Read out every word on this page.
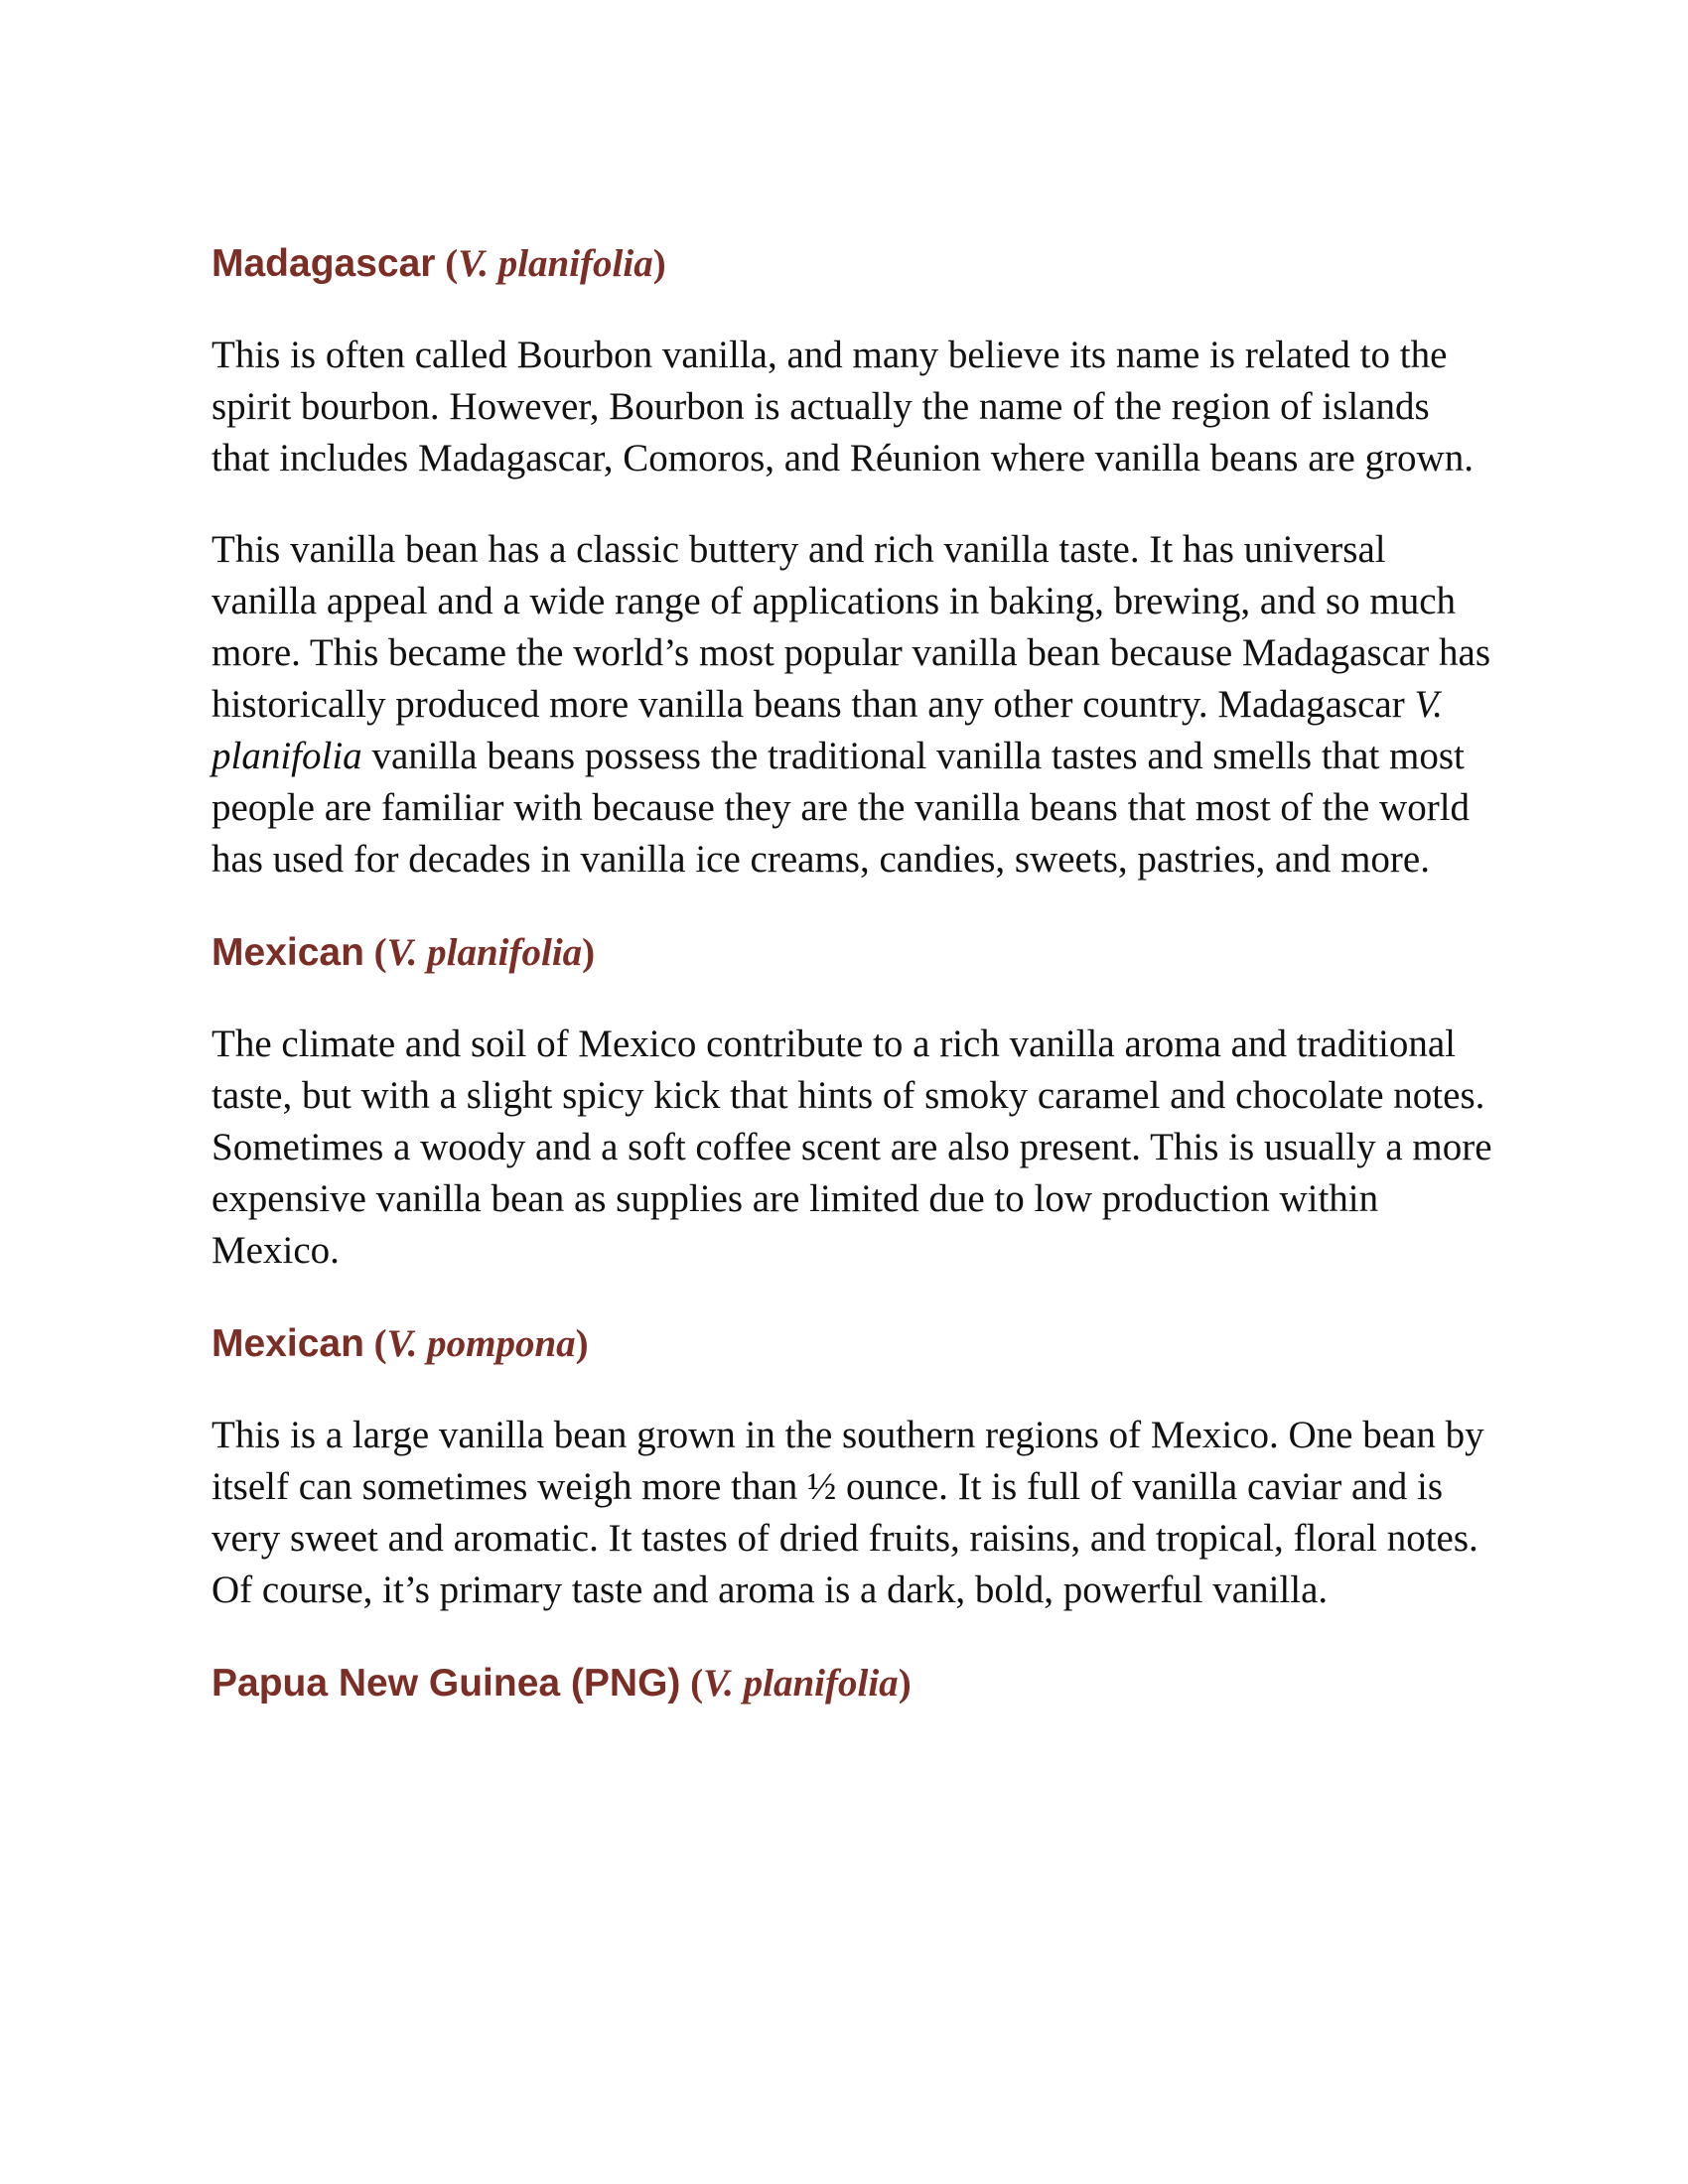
Madagascar (V. planifolia)

This is often called Bourbon vanilla, and many believe its name is related to the spirit bourbon. However, Bourbon is actually the name of the region of islands that includes Madagascar, Comoros, and Réunion where vanilla beans are grown.

This vanilla bean has a classic buttery and rich vanilla taste. It has universal vanilla appeal and a wide range of applications in baking, brewing, and so much more. This became the world’s most popular vanilla bean because Madagascar has historically produced more vanilla beans than any other country. Madagascar V. planifolia vanilla beans possess the traditional vanilla tastes and smells that most people are familiar with because they are the vanilla beans that most of the world has used for decades in vanilla ice creams, candies, sweets, pastries, and more.

Mexican (V. planifolia)

The climate and soil of Mexico contribute to a rich vanilla aroma and traditional taste, but with a slight spicy kick that hints of smoky caramel and chocolate notes. Sometimes a woody and a soft coffee scent are also present. This is usually a more expensive vanilla bean as supplies are limited due to low production within Mexico.

Mexican (V. pompona)

This is a large vanilla bean grown in the southern regions of Mexico. One bean by itself can sometimes weigh more than ½ ounce. It is full of vanilla caviar and is very sweet and aromatic. It tastes of dried fruits, raisins, and tropical, floral notes. Of course, it’s primary taste and aroma is a dark, bold, powerful vanilla.

Papua New Guinea (PNG) (V. planifolia)
